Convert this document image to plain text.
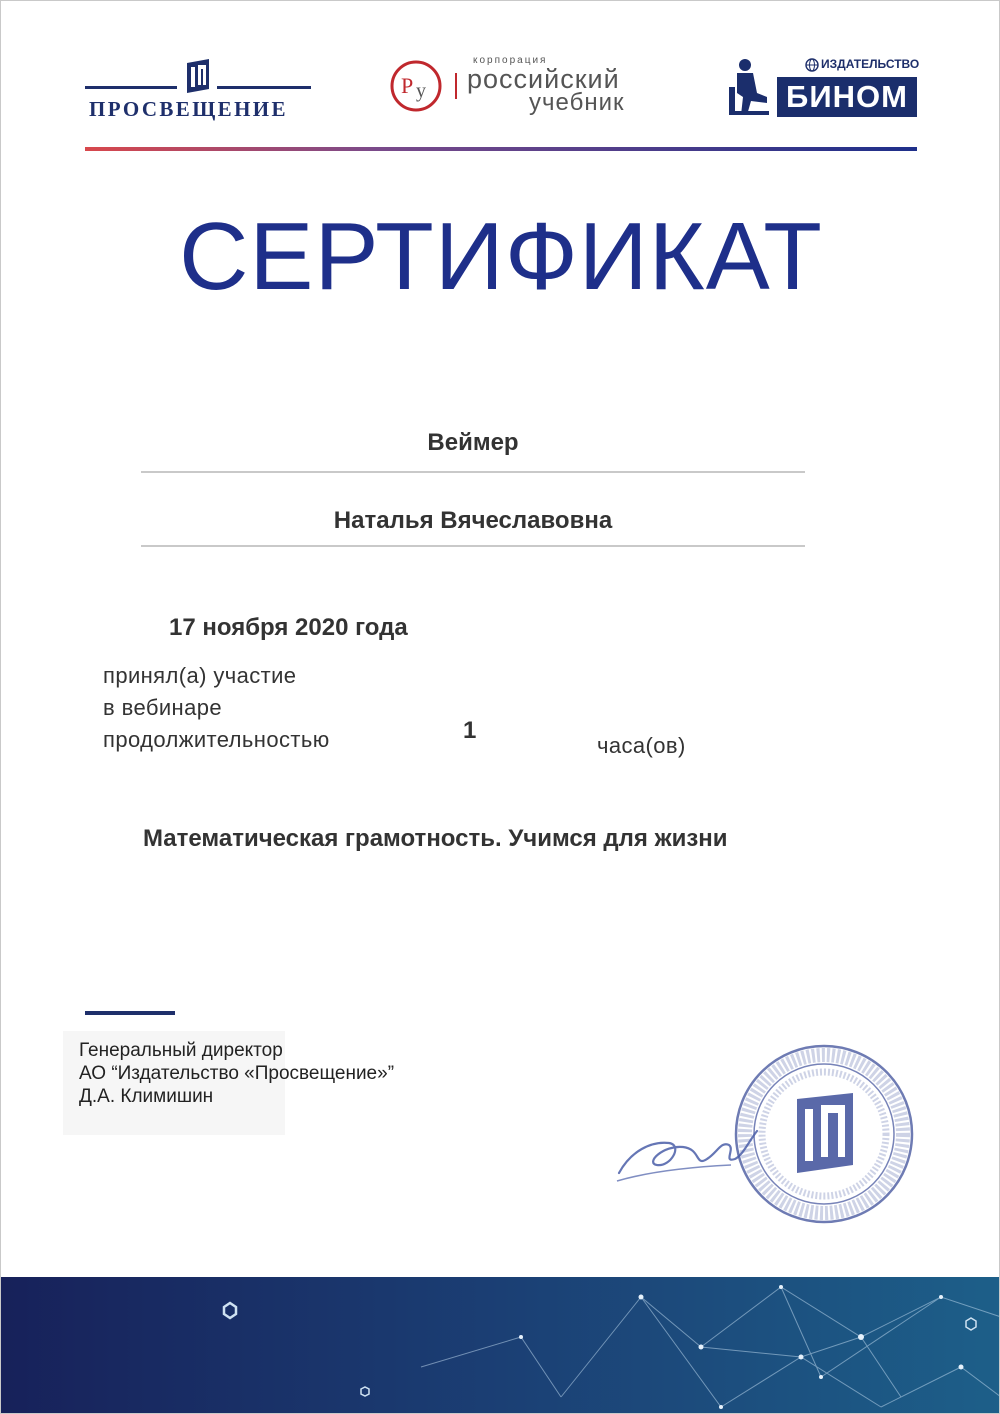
ПРОСВЕЩЕНИЕ
Р у
корпорация
российский
учебник
ИЗДАТЕЛЬСТВО
БИНОМ
СЕРТИФИКАТ
Веймер
Наталья Вячеславовна
17 ноября 2020 года
принял(а) участие
в вебинаре
продолжительностью	1
часа(ов)
Математическая грамотность. Учимся для жизни
Генеральный директор
АО “Издательство «Просвещение»”
Д.А. Климишин
